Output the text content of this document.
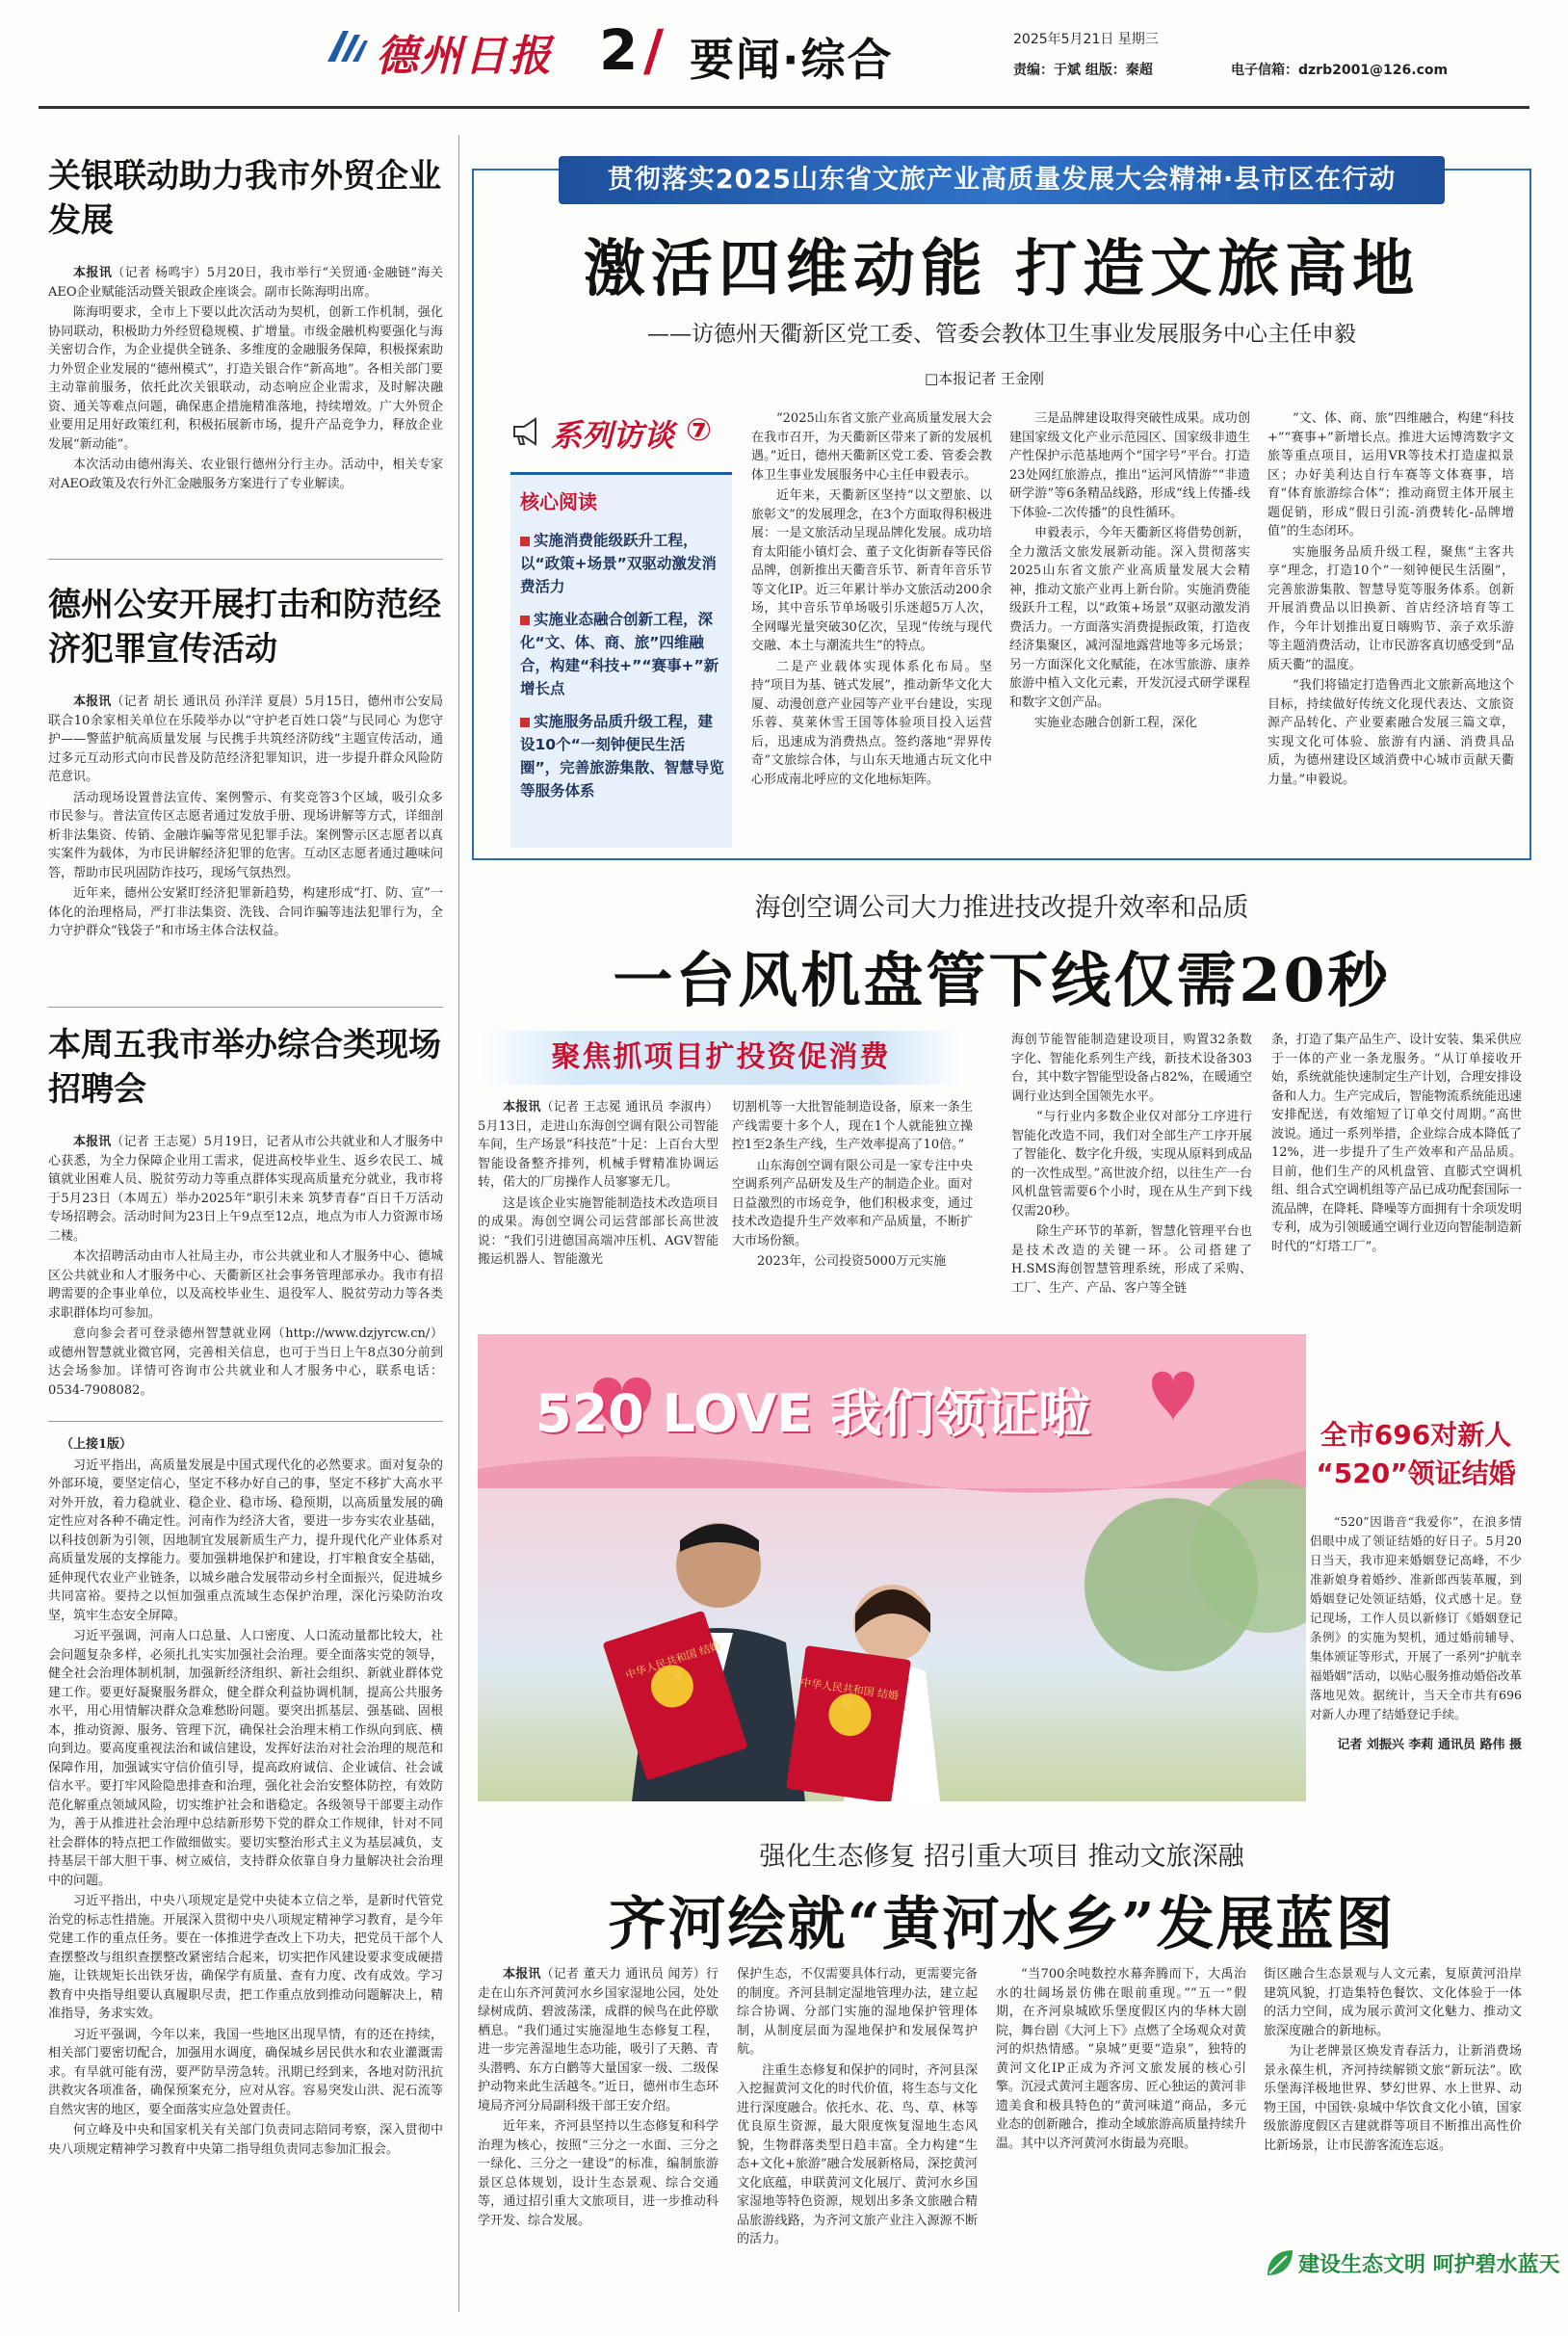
德州日报 2 / 要闻·综合	2025年5月21日 星期三
责编：于斌 组版：秦超	电子信箱：dzrb2001@126.com
关银联动助力我市外贸企业发展

本报讯（记者 杨鸣宇）5月20日，我市举行“关贸通·金融链”海关AEO企业赋能活动暨关银政企座谈会。副市长陈海明出席。

陈海明要求，全市上下要以此次活动为契机，创新工作机制，强化协同联动，积极助力外经贸稳规模、扩增量。市级金融机构要强化与海关密切合作，为企业提供全链条、多维度的金融服务保障，积极探索助力外贸企业发展的“德州模式”，打造关银合作“新高地”。各相关部门要主动靠前服务，依托此次关银联动，动态响应企业需求，及时解决融资、通关等难点问题，确保惠企措施精准落地，持续增效。广大外贸企业要用足用好政策红利，积极拓展新市场，提升产品竞争力，释放企业发展“新动能”。

本次活动由德州海关、农业银行德州分行主办。活动中，相关专家对AEO政策及农行外汇金融服务方案进行了专业解读。

德州公安开展打击和防范经济犯罪宣传活动

本报讯（记者 胡长 通讯员 孙洋洋 夏晨）5月15日，德州市公安局联合10余家相关单位在乐陵举办以“守护老百姓口袋”与民同心 为您守护——警蓝护航高质量发展 与民携手共筑经济防线”主题宣传活动，通过多元互动形式向市民普及防范经济犯罪知识，进一步提升群众风险防范意识。

活动现场设置普法宣传、案例警示、有奖竞答3个区域，吸引众多市民参与。普法宣传区志愿者通过发放手册、现场讲解等方式，详细剖析非法集资、传销、金融诈骗等常见犯罪手法。案例警示区志愿者以真实案件为载体，为市民讲解经济犯罪的危害。互动区志愿者通过趣味问答，帮助市民巩固防诈技巧，现场气氛热烈。

近年来，德州公安紧盯经济犯罪新趋势，构建形成“打、防、宣”一体化的治理格局，严打非法集资、洗钱、合同诈骗等违法犯罪行为，全力守护群众“钱袋子”和市场主体合法权益。

本周五我市举办综合类现场招聘会

本报讯（记者 王志冕）5月19日，记者从市公共就业和人才服务中心获悉，为全力保障企业用工需求，促进高校毕业生、返乡农民工、城镇就业困难人员、脱贫劳动力等重点群体实现高质量充分就业，我市将于5月23日（本周五）举办2025年“职引未来 筑梦青春”百日千万活动专场招聘会。活动时间为23日上午9点至12点，地点为市人力资源市场二楼。

本次招聘活动由市人社局主办，市公共就业和人才服务中心、德城区公共就业和人才服务中心、天衢新区社会事务管理部承办。我市有招聘需要的企事业单位，以及高校毕业生、退役军人、脱贫劳动力等各类求职群体均可参加。

意向参会者可登录德州智慧就业网（http://www.dzjyrcw.cn/）或德州智慧就业微官网，完善相关信息，也可于当日上午8点30分前到达会场参加。详情可咨询市公共就业和人才服务中心，联系电话：0534-7908082。

（上接1版）

习近平指出，高质量发展是中国式现代化的必然要求。面对复杂的外部环境，要坚定信心，坚定不移办好自己的事，坚定不移扩大高水平对外开放，着力稳就业、稳企业、稳市场、稳预期，以高质量发展的确定性应对各种不确定性。河南作为经济大省，要进一步夯实农业基础，以科技创新为引领，因地制宜发展新质生产力，提升现代化产业体系对高质量发展的支撑能力。要加强耕地保护和建设，打牢粮食安全基础，延伸现代农业产业链条，以城乡融合发展带动乡村全面振兴，促进城乡共同富裕。要持之以恒加强重点流域生态保护治理，深化污染防治攻坚，筑牢生态安全屏障。

习近平强调，河南人口总量、人口密度、人口流动量都比较大，社会问题复杂多样，必须扎扎实实加强社会治理。要全面落实党的领导，健全社会治理体制机制，加强新经济组织、新社会组织、新就业群体党建工作。要更好凝聚服务群众，健全群众利益协调机制，提高公共服务水平，用心用情解决群众急难愁盼问题。要突出抓基层、强基础、固根本，推动资源、服务、管理下沉，确保社会治理末梢工作纵向到底、横向到边。要高度重视法治和诚信建设，发挥好法治对社会治理的规范和保障作用，加强诚实守信价值引导，提高政府诚信、企业诚信、社会诚信水平。要打牢风险隐患排查和治理，强化社会治安整体防控，有效防范化解重点领域风险，切实维护社会和谐稳定。各级领导干部要主动作为，善于从推进社会治理中总结新形势下党的群众工作规律，针对不同社会群体的特点把工作做细做实。要切实整治形式主义为基层减负，支持基层干部大胆干事、树立威信，支持群众依靠自身力量解决社会治理中的问题。

习近平指出，中央八项规定是党中央徒本立信之举，是新时代管党治党的标志性措施。开展深入贯彻中央八项规定精神学习教育，是今年党建工作的重点任务。要在一体推进学查改上下功夫，把党员干部个人查摆整改与组织查摆整改紧密结合起来，切实把作风建设要求变成硬措施，让铁规矩长出铁牙齿，确保学有质量、查有力度、改有成效。学习教育中央指导组要认真履职尽责，把工作重点放到推动问题解决上，精准指导，务求实效。

习近平强调，今年以来，我国一些地区出现旱情，有的还在持续，相关部门要密切配合，加强用水调度，确保城乡居民供水和农业灌溉需求。有旱就可能有涝，要严防旱涝急转。汛期已经到来，各地对防汛抗洪救灾各项准备，确保预案充分，应对从容。容易突发山洪、泥石流等自然灾害的地区，要全面落实应急处置责任。

何立峰及中央和国家机关有关部门负责同志陪同考察，深入贯彻中央八项规定精神学习教育中央第二指导组负责同志参加汇报会。

贯彻落实2025山东省文旅产业高质量发展大会精神·县市区在行动
激活四维动能 打造文旅高地
——访德州天衢新区党工委、管委会教体卫生事业发展服务中心主任申毅
□本报记者 王金刚
系列访谈 ⑦
核心阅读
实施消费能级跃升工程，以“政策+场景”双驱动激发消费活力
实施业态融合创新工程，深化“文、体、商、旅”四维融合，构建“科技+”“赛事+”新增长点
实施服务品质升级工程，建设10个“一刻钟便民生活圈”，完善旅游集散、智慧导览等服务体系

“2025山东省文旅产业高质量发展大会在我市召开，为天衢新区带来了新的发展机遇。”近日，德州天衢新区党工委、管委会教体卫生事业发展服务中心主任申毅表示。

近年来，天衢新区坚持“以文塑旅、以旅彰文”的发展理念，在3个方面取得积极进展：一是文旅活动呈现品牌化发展。成功培育太阳能小镇灯会、董子文化街新春等民俗品牌，创新推出天衢音乐节、新青年音乐节等文化IP。近三年累计举办文旅活动200余场，其中音乐节单场吸引乐迷超5万人次，全网曝光量突破30亿次，呈现“传统与现代交融、本土与潮流共生”的特点。

二是产业载体实现体系化布局。坚持“项目为基、链式发展”，推动新华文化大厦、动漫创意产业园等产业平台建设，实现乐蓉、莫莱休雪王国等体验项目投入运营后，迅速成为消费热点。签约落地“羿界传奇”文旅综合体，与山东天地通古玩文化中心形成南北呼应的文化地标矩阵。

三是品牌建设取得突破性成果。成功创建国家级文化产业示范园区、国家级非遗生产性保护示范基地两个“国字号”平台。打造23处网红旅游点，推出“运河风情游”“非遗研学游”等6条精品线路，形成“线上传播-线下体验-二次传播”的良性循环。

申毅表示，今年天衢新区将借势创新，全力激活文旅发展新动能。深入贯彻落实2025山东省文旅产业高质量发展大会精神，推动文旅产业再上新台阶。实施消费能级跃升工程，以“政策+场景”双驱动激发消费活力。一方面落实消费提振政策，打造夜经济集聚区，减河湿地露营地等多元场景；另一方面深化文化赋能，在冰雪旅游、康养旅游中植入文化元素，开发沉浸式研学课程和数字文创产品。

实施业态融合创新工程，深化

“文、体、商、旅”四维融合，构建“科技+”“赛事+”新增长点。推进大运博湾数字文旅等重点项目，运用VR等技术打造虚拟景区；办好美利达自行车赛等文体赛事，培育“体育旅游综合体”；推动商贸主体开展主题促销，形成“假日引流-消费转化-品牌增值”的生态闭环。

实施服务品质升级工程，聚焦“主客共享”理念，打造10个“一刻钟便民生活圈”，完善旅游集散、智慧导览等服务体系。创新开展消费品以旧换新、首店经济培育等工作，今年计划推出夏日嗨购节、亲子欢乐游等主题消费活动，让市民游客真切感受到“品质天衢”的温度。

“我们将锚定打造鲁西北文旅新高地这个目标，持续做好传统文化现代表达、文旅资源产品转化、产业要素融合发展三篇文章，实现文化可体验、旅游有内涵、消费具品质，为德州建设区域消费中心城市贡献天衢力量。”申毅说。

海创空调公司大力推进技改提升效率和品质
一台风机盘管下线仅需20秒
聚焦抓项目扩投资促消费

本报讯（记者 王志冕 通讯员 李淑冉）5月13日，走进山东海创空调有限公司智能车间，生产场景“科技范”十足：上百台大型智能设备整齐排列，机械手臂精准协调运转，偌大的厂房操作人员寥寥无几。

这是该企业实施智能制造技术改造项目的成果。海创空调公司运营部部长高世波说：“我们引进德国高端冲压机、AGV智能搬运机器人、智能激光

切割机等一大批智能制造设备，原来一条生产线需要十多个人，现在1个人就能独立操控1至2条生产线，生产效率提高了10倍。”

山东海创空调有限公司是一家专注中央空调系列产品研发及生产的制造企业。面对日益激烈的市场竞争，他们积极求变，通过技术改造提升生产效率和产品质量，不断扩大市场份额。

2023年，公司投资5000万元实施

海创节能智能制造建设项目，购置32条数字化、智能化系列生产线，新技术设备303台，其中数字智能型设备占82%，在暖通空调行业达到全国领先水平。

“与行业内多数企业仅对部分工序进行智能化改造不同，我们对全部生产工序开展了智能化、数字化升级，实现从原料到成品的一次性成型。”高世波介绍，以往生产一台风机盘管需要6个小时，现在从生产到下线仅需20秒。

除生产环节的革新，智慧化管理平台也是技术改造的关键一环。公司搭建了H.SMS海创智慧管理系统，形成了采购、工厂、生产、产品、客户等全链

条，打造了集产品生产、设计安装、集采供应于一体的产业一条龙服务。“从订单接收开始，系统就能快速制定生产计划，合理安排设备和人力。生产完成后，智能物流系统能迅速安排配送，有效缩短了订单交付周期。”高世波说。通过一系列举措，企业综合成本降低了12%，进一步提升了生产效率和产品品质。目前，他们生产的风机盘管、直膨式空调机组、组合式空调机组等产品已成功配套国际一流品牌，在降耗、降噪等方面拥有十余项发明专利，成为引领暖通空调行业迈向智能制造新时代的“灯塔工厂”。

520 LOVE 我们领证啦
中华人民共和国 结婚证
中华人民共和国 结婚证
全市696对新人
“520”领证结婚
“520”因谐音“我爱你”，在浪多情侣眼中成了领证结婚的好日子。5月20日当天，我市迎来婚姻登记高峰，不少准新娘身着婚纱、准新郎西装革履，到婚姻登记处领证结婚，仪式感十足。登记现场，工作人员以新修订《婚姻登记条例》的实施为契机，通过婚前辅导、集体颁证等形式，开展了一系列“护航幸福婚姻”活动，以贴心服务推动婚俗改革落地见效。据统计，当天全市共有696对新人办理了结婚登记手续。
记者 刘振兴 李莉 通讯员 路伟 摄
强化生态修复 招引重大项目 推动文旅深融
齐河绘就“黄河水乡”发展蓝图

本报讯（记者 董天力 通讯员 闻芳）行走在山东齐河黄河水乡国家湿地公园，处处绿树成荫、碧波荡漾，成群的候鸟在此停歇栖息。“我们通过实施湿地生态修复工程，进一步完善湿地生态功能，吸引了天鹅、青头潜鸭、东方白鹳等大量国家一级、二级保护动物来此生活越冬。”近日，德州市生态环境局齐河分局副科级干部王安介绍。

近年来，齐河县坚持以生态修复和科学治理为核心，按照“三分之一水面、三分之一绿化、三分之一建设”的标准，编制旅游景区总体规划，设计生态景观、综合交通等，通过招引重大文旅项目，进一步推动科学开发、综合发展。

保护生态，不仅需要具体行动，更需要完备的制度。齐河县制定湿地管理办法，建立起综合协调、分部门实施的湿地保护管理体制，从制度层面为湿地保护和发展保驾护航。

注重生态修复和保护的同时，齐河县深入挖掘黄河文化的时代价值，将生态与文化进行深度融合。依托水、花、鸟、草、林等优良原生资源，最大限度恢复湿地生态风貌，生物群落类型日趋丰富。全力构建“生态+文化+旅游”融合发展新格局，深挖黄河文化底蕴，申联黄河文化展厅、黄河水乡国家湿地等特色资源，规划出多条文旅融合精品旅游线路，为齐河文旅产业注入源源不断的活力。

“当700余吨数控水幕奔腾而下，大禹治水的壮阔场景仿佛在眼前重现。”“五一”假期，在齐河泉城欧乐堡度假区内的华林大剧院，舞台剧《大河上下》点燃了全场观众对黄河的炽热情感。“泉城”更要“造泉”，独特的黄河文化IP正成为齐河文旅发展的核心引擎。沉浸式黄河主题客房、匠心独运的黄河非遗美食和极具特色的“黄河味道”商品，多元业态的创新融合，推动全域旅游高质量持续升温。其中以齐河黄河水街最为亮眼。

街区融合生态景观与人文元素，复原黄河沿岸建筑风貌，打造集特色餐饮、文化体验于一体的活力空间，成为展示黄河文化魅力、推动文旅深度融合的新地标。

为让老牌景区焕发青春活力，让新消费场景永葆生机，齐河持续解锁文旅“新玩法”。欧乐堡海洋极地世界、梦幻世界、水上世界、动物王国，中国铁·泉城中华饮食文化小镇，国家级旅游度假区吉建就群等项目不断推出高性价比新场景，让市民游客流连忘返。

建设生态文明 呵护碧水蓝天
